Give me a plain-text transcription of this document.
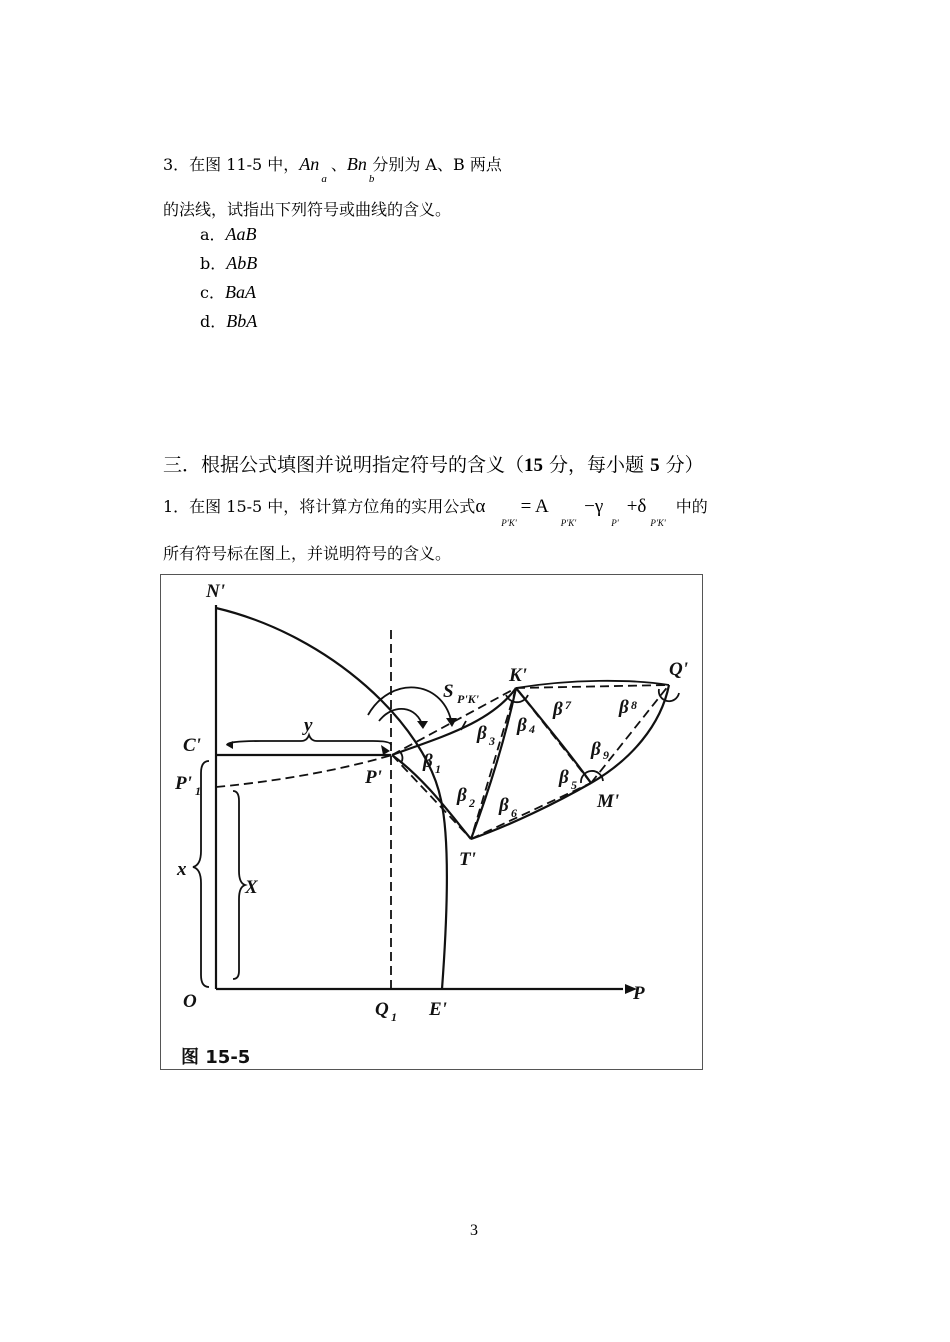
3．在图 11-5 中，$An_a$、$Bn_b$分别为 A、B 两点
的法线，试指出下列符号或曲线的含义。
a．AaB
b．AbB
c．BaA
d．BbA
三．根据公式填图并说明指定符号的含义（15 分，每小题 5 分）
1．在图 15-5 中，将计算方位角的实用公式$\alpha_{P'K'}= A_{P'K'}-\gamma_{P'}+\delta_{P'K'}$中的
所有符号标在图上，并说明符号的含义。
N'
C'
P' 1
x
X
O	Q 1 E'
P
y
P'
S P'K'
K'	Q'
T'
M'
β 1
β 2
β 3
β 4
β 5
β 6
β 7	β 8
β 9
图 15-5
3
